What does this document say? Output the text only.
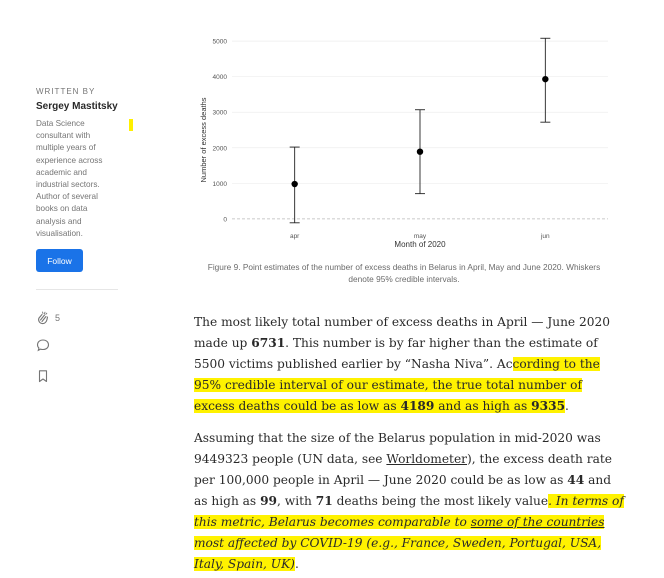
WRITTEN BY
Sergey Mastitsky
Data Science consultant with multiple years of experience across academic and industrial sectors. Author of several books on data analysis and visualisation.
Follow
5
0
1000
2000
3000
4000
5000
apr	may	jun
Number of excess deaths
Month of 2020
Figure 9. Point estimates of the number of excess deaths in Belarus in April, May and June 2020. Whiskers denote 95% credible intervals.

The most likely total number of excess deaths in April — June 2020 made up 6731. This number is by far higher than the estimate of 5500 victims published earlier by “Nasha Niva”. According to the 95% credible interval of our estimate, the true total number of excess deaths could be as low as 4189 and as high as 9335.

Assuming that the size of the Belarus population in mid-2020 was 9449323 people (UN data, see Worldometer), the excess death rate per 100,000 people in April — June 2020 could be as low as 44 and as high as 99, with 71 deaths being the most likely value. In terms of this metric, Belarus becomes comparable to some of the countries most affected by COVID-19 (e.g., France, Sweden, Portugal, USA, Italy, Spain, UK).
